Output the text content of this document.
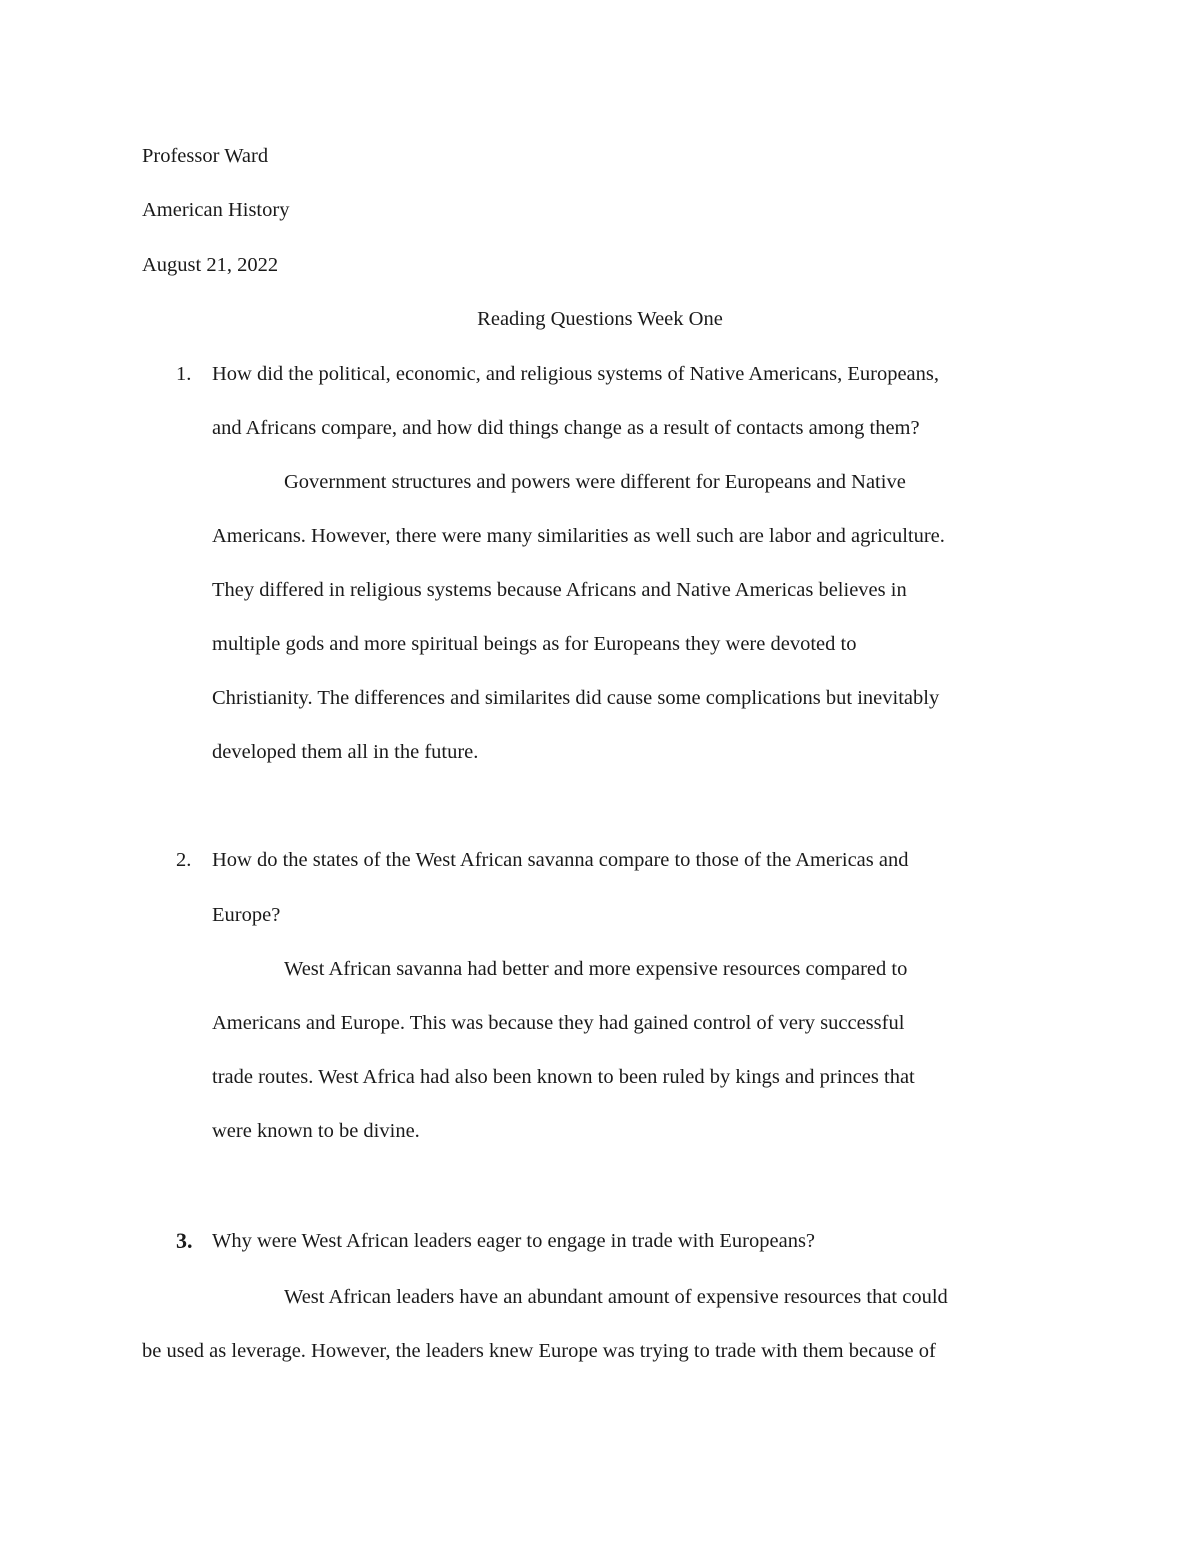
Professor Ward
American History
August 21, 2022
Reading Questions Week One
1. How did the political, economic, and religious systems of Native Americans, Europeans,
and Africans compare, and how did things change as a result of contacts among them?
Government structures and powers were different for Europeans and Native
Americans. However, there were many similarities as well such are labor and agriculture.
They differed in religious systems because Africans and Native Americas believes in
multiple gods and more spiritual beings as for Europeans they were devoted to
Christianity. The differences and similarites did cause some complications but inevitably
developed them all in the future.
2. How do the states of the West African savanna compare to those of the Americas and
Europe?
West African savanna had better and more expensive resources compared to
Americans and Europe. This was because they had gained control of very successful
trade routes. West Africa had also been known to been ruled by kings and princes that
were known to be divine.
3. Why were West African leaders eager to engage in trade with Europeans?
West African leaders have an abundant amount of expensive resources that could
be used as leverage. However, the leaders knew Europe was trying to trade with them because of
